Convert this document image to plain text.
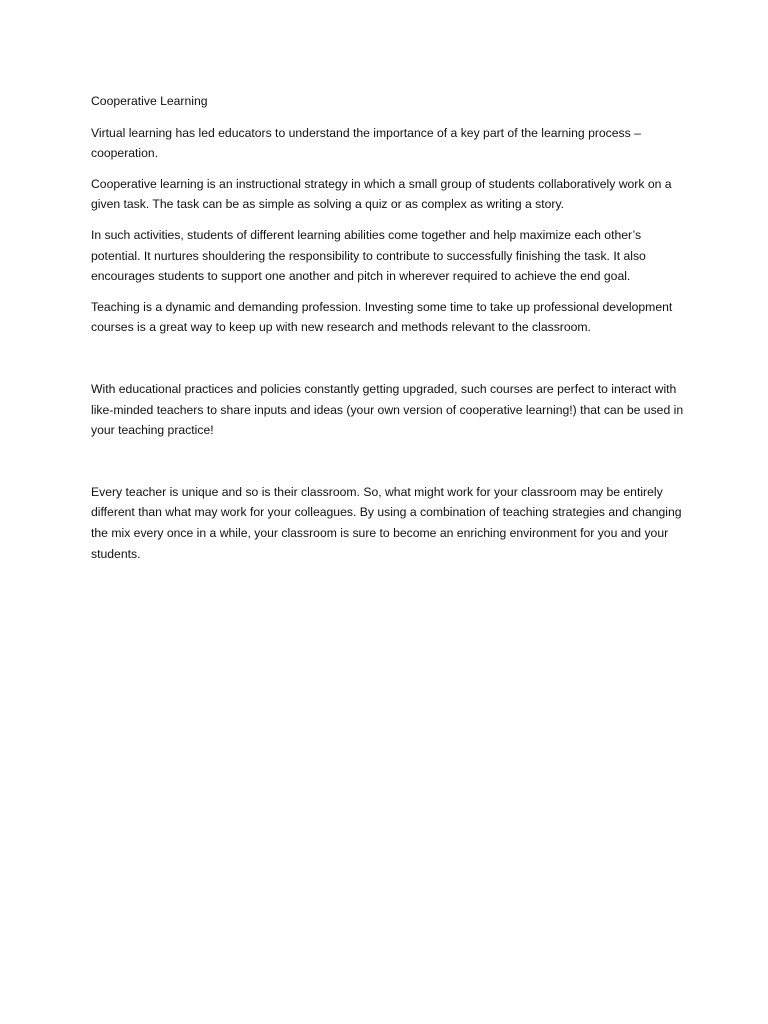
Cooperative Learning

Virtual learning has led educators to understand the importance of a key part of the learning process – cooperation.

Cooperative learning is an instructional strategy in which a small group of students collaboratively work on a given task. The task can be as simple as solving a quiz or as complex as writing a story.

In such activities, students of different learning abilities come together and help maximize each other’s potential. It nurtures shouldering the responsibility to contribute to successfully finishing the task. It also encourages students to support one another and pitch in wherever required to achieve the end goal.

Teaching is a dynamic and demanding profession. Investing some time to take up professional development courses is a great way to keep up with new research and methods relevant to the classroom.

With educational practices and policies constantly getting upgraded, such courses are perfect to interact with like-minded teachers to share inputs and ideas (your own version of cooperative learning!) that can be used in your teaching practice!

Every teacher is unique and so is their classroom. So, what might work for your classroom may be entirely different than what may work for your colleagues. By using a combination of teaching strategies and changing the mix every once in a while, your classroom is sure to become an enriching environment for you and your students.
